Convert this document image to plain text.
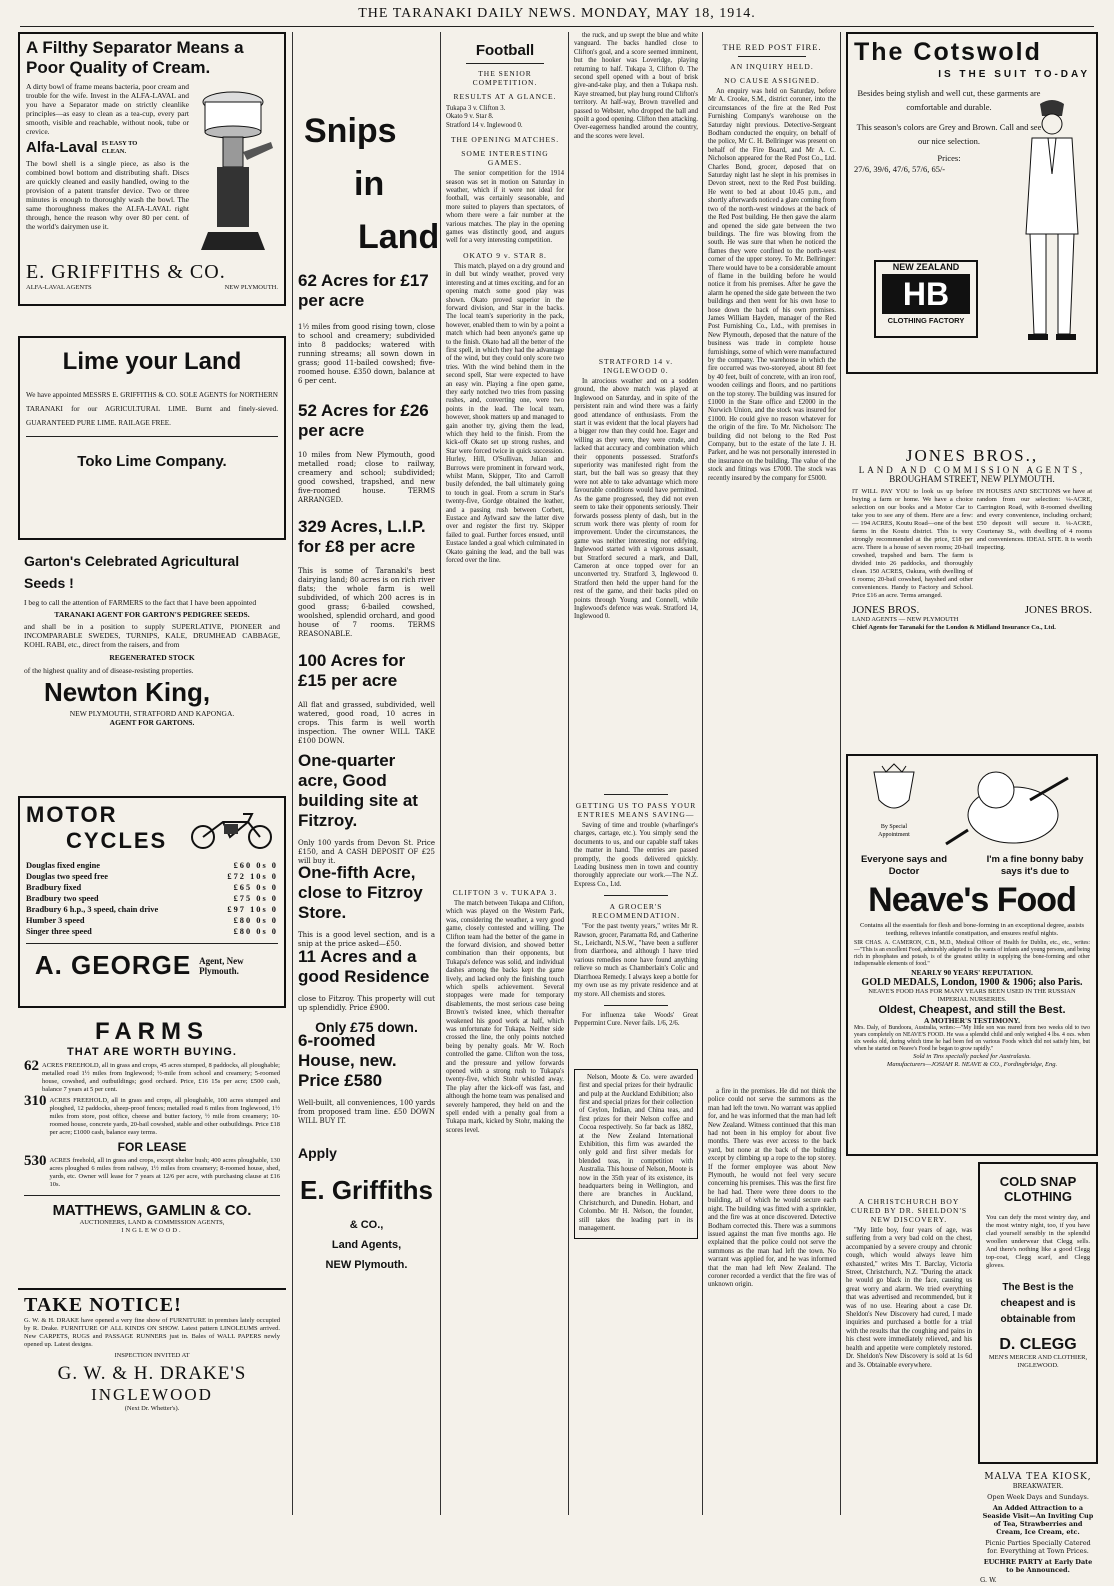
THE TARANAKI DAILY NEWS. MONDAY, MAY 18, 1914.
A Filthy Separator Means a
Poor Quality of Cream.
A dirty bowl of frame means bacteria, poor cream and trouble for the wife. Invest in the ALFA-LAVAL and you have a Separator made on strictly cleanlike principles—as easy to clean as a tea-cup, every part smooth, visible and reachable, without nook, tube or crevice.
Alfa-Laval IS EASY TO CLEAN.
The bowl shell is a single piece, as also is the combined bowl bottom and distributing shaft. Discs are quickly cleaned and easily handled, owing to the provision of a patent transfer device. Two or three minutes is enough to thoroughly wash the bowl. The same thoroughness makes the ALFA-LAVAL right through, hence the reason why over 80 per cent. of the world's dairymen use it.
E. GRIFFITHS & CO.
ALFA-LAVAL AGENTS	NEW PLYMOUTH.
Lime your Land
We have appointed MESSRS E. GRIFFITHS & CO. SOLE AGENTS for NORTHERN TARANAKI for our AGRICULTURAL LIME. Burnt and finely-sieved. GUARANTEED PURE LIME. RAILAGE FREE.
Toko Lime Company.
Garton's Celebrated Agricultural Seeds !
I beg to call the attention of FARMERS to the fact that I have been appointed
TARANAKI AGENT FOR GARTON'S PEDIGREE SEEDS.
and shall be in a position to supply SUPERLATIVE, PIONEER and INCOMPARABLE SWEDES, TURNIPS, KALE, DRUMHEAD CABBAGE, KOHL RABI, etc., direct from the raisers, and from
REGENERATED STOCK
of the highest quality and of disease-resisting properties.
Newton King,
NEW PLYMOUTH, STRATFORD AND KAPONGA.
AGENT FOR GARTONS.
MOTOR
CYCLES
Douglas fixed engine	£60 0s 0
Douglas two speed free	£72 10s 0
Bradbury fixed	£65 0s 0
Bradbury two speed	£75 0s 0
Bradbury 6 h.p., 3 speed, chain drive	£97 10s 0
Humber 3 speed	£80 0s 0
Singer three speed	£80 0s 0
A. GEORGE Agent, New Plymouth.
FARMS
THAT ARE WORTH BUYING.
62 ACRES FREEHOLD, all in grass and crops, 45 acres stumped, 8 paddocks, all ploughable; metalled road 1½ miles from Inglewood; ½-mile from school and creamery; 5-roomed house, cowshed, and outbuildings; good orchard. Price, £16 15s per acre; £500 cash, balance 7 years at 5 per cent.
310 ACRES FREEHOLD, all in grass and crops, all ploughable, 100 acres stumped and ploughed, 12 paddocks, sheep-proof fences; metalled road 6 miles from Inglewood, 1½ miles from store, post office, cheese and butter factory, ½ mile from creamery; 10-roomed house, concrete yards, 20-bail cowshed, stable and other outbuildings. Price £18 per acre; £1000 cash, balance easy terms.
FOR LEASE
530 ACRES freehold, all in grass and crops, except shelter bush; 400 acres ploughable, 130 acres ploughed 6 miles from railway, 1½ miles from creamery; 8-roomed house, shed, yards, etc. Owner will lease for 7 years at 12/6 per acre, with purchasing clause at £16 10s.
MATTHEWS, GAMLIN & CO.
AUCTIONEERS, LAND & COMMISSION AGENTS,
INGLEWOOD.
TAKE NOTICE!
G. W. & H. DRAKE have opened a very fine show of FURNITURE in premises lately occupied by R. Drake. FURNITURE OF ALL KINDS ON SHOW. Latest pattern LINOLEUMS arrived. New CARPETS, RUGS and PASSAGE RUNNERS just in. Bales of WALL PAPERS newly opened up. Latest designs.
INSPECTION INVITED AT
G. W. & H. DRAKE'S
INGLEWOOD
(Next Dr. Whetter's).
Snips
in
Land
62 Acres for £17 per acre
1½ miles from good rising town, close to school and creamery; subdivided into 8 paddocks; watered with running streams; all sown down in grass; good 11-bailed cowshed; five-roomed house. £350 down, balance at 6 per cent.
52 Acres for £26 per acre
10 miles from New Plymouth, good metalled road; close to railway, creamery and school; subdivided; good cowshed, trapshed, and new five-roomed house. TERMS ARRANGED.
329 Acres, L.I.P. for £8 per acre
This is some of Taranaki's best dairying land; 80 acres is on rich river flats; the whole farm is well subdivided, of which 200 acres is in good grass; 6-bailed cowshed, woolshed, splendid orchard, and good house of 7 rooms. TERMS REASONABLE.
100 Acres for £15 per acre
All flat and grassed, subdivided, well watered, good road, 10 acres in crops. This farm is well worth inspection. The owner WILL TAKE £100 DOWN.
One-quarter acre, Good building site at Fitzroy.
Only 100 yards from Devon St. Price £150, and A CASH DEPOSIT OF £25 will buy it.
One-fifth Acre, close to Fitzroy Store.
This is a good level section, and is a snip at the price asked—£50.
11 Acres and a good Residence
close to Fitzroy. This property will cut up splendidly. Price £900.
Only £75 down.
6-roomed House, new. Price £580
Well-built, all conveniences, 100 yards from proposed tram line. £50 DOWN WILL BUY IT.
Apply
E. Griffiths
& CO.,
Land Agents,
NEW Plymouth.
Football
THE SENIOR COMPETITION.
RESULTS AT A GLANCE.
Tukapa 3 v. Clifton 3.
Okato 9 v. Star 8.
Stratford 14 v. Inglewood 0.
THE OPENING MATCHES.
SOME INTERESTING GAMES.

The senior competition for the 1914 season was set in motion on Saturday in weather, which if it were not ideal for football, was certainly seasonable, and more suited to players than spectators, of whom there were a fair number at the various matches. The play in the opening games was distinctly good, and augurs well for a very interesting competition.

OKATO 9 v. STAR 8.

This match, played on a dry ground and in dull but windy weather, proved very interesting and at times exciting, and for an opening match some good play was shown. Okato proved superior in the forward division, and Star in the backs. The local team's superiority in the pack, however, enabled them to win by a point a match which had been anyone's game up to the finish. Okato had all the better of the first spell, in which they had the advantage of the wind, but they could only score two tries. With the wind behind them in the second spell, Star were expected to have an easy win. Playing a fine open game, they early notched two tries from passing rushes, and, converting one, were two points in the lead. The local team, however, shook matters up and managed to gain another try, giving them the lead, which they held to the finish. From the kick-off Okato set up strong rushes, and Star were forced twice in quick succession. Hurley, Hill, O'Sullivan, Julian and Burrows were prominent in forward work, whilst Mann, Skipper, Tito and Carroll busily defended, the ball ultimately going to touch in goal. From a scrum in Star's twenty-five, Gordge obtained the leather, and a passing rush between Corbett, Eustace and Aylward saw the latter dive over and register the first try. Skipper failed to goal. Further forces ensued, until Eustace landed a goal which culminated in Okato gaining the lead, and the ball was forced over the line.

CLIFTON 3 v. TUKAPA 3.

The match between Tukapa and Clifton, which was played on the Western Park, was, considering the weather, a very good game, closely contested and willing. The Clifton team had the better of the game in the forward division, and showed better combination than their opponents, but Tukapa's defence was solid, and individual dashes among the backs kept the game lively, and lacked only the finishing touch which spells achievement. Several stoppages were made for temporary disablements, the most serious case being Brown's twisted knee, which thereafter weakened his good work at half, which was unfortunate for Tukapa. Neither side crossed the line, the only points notched being by penalty goals. Mr W. Roch controlled the game. Clifton won the toss, and the pressure and yellow forwards opened with a strong rush to Tukapa's twenty-five, which Stohr whistled away. The play after the kick-off was fast, and although the home team was penalised and severely hampered, they held on and the spell ended with a penalty goal from a Tukapa mark, kicked by Stohr, making the scores level.

the ruck, and up swept the blue and white vanguard. The backs handled close to Clifton's goal, and a score seemed imminent, but the hooker was Loveridge, playing returning to half. Tukapa 3, Clifton 0. The second spell opened with a bout of brisk give-and-take play, and then a Tukapa rush. Kaye streamed, but play hung round Clifton's territory. At half-way, Brown travelled and passed to Webster, who dropped the ball and spoilt a good opening. Clifton then attacking. Over-eagerness handled around the country, and the scores were level.

STRATFORD 14 v. INGLEWOOD 0.

In atrocious weather and on a sodden ground, the above match was played at Inglewood on Saturday, and in spite of the persistent rain and wind there was a fairly good attendance of enthusiasts. From the start it was evident that the local players had a bigger row than they could hoe. Eager and willing as they were, they were crude, and lacked that accuracy and combination which their opponents possessed. Stratford's superiority was manifested right from the start, but the ball was so greasy that they were not able to take advantage which more favourable conditions would have permitted. As the game progressed, they did not even seem to take their opponents seriously. Their forwards possess plenty of dash, but in the scrum work there was plenty of room for improvement. Under the circumstances, the game was neither interesting nor edifying. Inglewood started with a vigorous assault, but Stratford secured a mark, and Dall, Cameron at once topped over for an unconverted try. Stratford 3, Inglewood 0. Stratford then held the upper hand for the rest of the game, and their backs piled on points through Young and Connell, while Inglewood's defence was weak. Stratford 14, Inglewood 0.

GETTING US TO PASS YOUR ENTRIES MEANS SAVING—

Saving of time and trouble (wharfinger's charges, cartage, etc.). You simply send the documents to us, and our capable staff takes the matter in hand. The entries are passed promptly, the goods delivered quickly. Leading business men in town and country thoroughly appreciate our work.—The N.Z. Express Co., Ltd.

A GROCER'S RECOMMENDATION.

"For the past twenty years," writes Mr R. Rawson, grocer, Paramatta Rd, and Catherine St., Leichardt, N.S.W., "have been a sufferer from diarrhoea, and although I have tried various remedies none have found anything relieve so much as Chamberlain's Colic and Diarrhoea Remedy. I always keep a bottle for my own use as my private residence and at my store. All chemists and stores.

For influenza take Woods' Great Peppermint Cure. Never fails. 1/6, 2/6.

Nelson, Moote & Co. were awarded first and special prizes for their hydraulic and pulp at the Auckland Exhibition; also first and special prizes for their collection of Ceylon, Indian, and China teas, and first prizes for their Nelson coffee and Cocoa respectively. So far back as 1882, at the New Zealand International Exhibition, this firm was awarded the only gold and first silver medals for blended teas, in competition with Australia. This house of Nelson, Moote is now in the 35th year of its existence, its headquarters being in Wellington, and there are branches in Auckland, Christchurch, and Dunedin. Hobart, and Colombo. Mr H. Nelson, the founder, still takes the leading part in its management.

THE RED POST FIRE.
AN INQUIRY HELD.
NO CAUSE ASSIGNED.

An enquiry was held on Saturday, before Mr A. Crooke, S.M., district coroner, into the circumstances of the fire at the Red Post Furnishing Company's warehouse on the Saturday night previous. Detective-Sergeant Bodham conducted the enquiry, on behalf of the police, Mr C. H. Bellringer was present on behalf of the Fire Board, and Mr A. C. Nicholson appeared for the Red Post Co., Ltd. Charles Bond, grocer, deposed that on Saturday night last he slept in his premises in Devon street, next to the Red Post building. He went to bed at about 10.45 p.m., and shortly afterwards noticed a glare coming from two of the north-west windows at the back of the Red Post building. He then gave the alarm and opened the side gate between the two buildings. The fire was blowing from the south. He was sure that when he noticed the flames they were confined to the north-west corner of the upper storey. To Mr. Bellringer: There would have to be a considerable amount of flame in the building before he would notice it from his premises. After he gave the alarm he opened the side gate between the two buildings and then went for his own hose to hose down the back of his own premises. James William Hayden, manager of the Red Post Furnishing Co., Ltd., with premises in New Plymouth, deposed that the nature of the business was trade in complete house furnishings, some of which were manufactured by the company. The warehouse in which the fire occurred was two-storeyed, about 80 feet by 40 feet, built of concrete, with an iron roof, wooden ceilings and floors, and no partitions on the top storey. The building was insured for £1000 in the State office and £2000 in the Norwich Union, and the stock was insured for £1000. He could give no reason whatever for the origin of the fire. To Mr. Nicholson: The building did not belong to the Red Post Company, but to the estate of the late J. H. Parker, and he was not personally interested in the insurance on the building. The value of the stock and fittings was £7000. The stock was recently insured by the company for £5000.

a fire in the premises. He did not think the police could not serve the summons as the man had left the town. No warrant was applied for, and he was informed that the man had left New Zealand. Witness continued that this man had not been in his employ for about five months. There was ever access to the back yard, but none at the back of the building except by climbing up a rope to the top storey. If the former employee was about New Plymouth, he would not feel very secure concerning his premises. This was the first fire he had had. There were three doors to the building, all of which he would secure each night. The building was fitted with a sprinkler, and the fire was at once discovered. Detective Bodham corrected this. There was a summons issued against the man five months ago. He explained that the police could not serve the summons as the man had left the town. No warrant was applied for, and he was informed that the man had left New Zealand. The coroner recorded a verdict that the fire was of unknown origin.

The Cotswold
IS THE SUIT TO-DAY
Besides being stylish and well cut, these garments are comfortable and durable.
This season's colors are Grey and Brown. Call and see our nice selection.
Prices:
27/6, 39/6, 47/6, 57/6, 65/-
NEW ZEALAND
HB
CLOTHING FACTORY
JONES BROS.,
LAND AND COMMISSION AGENTS,
BROUGHAM STREET, NEW PLYMOUTH.
IT WILL PAY YOU to look us up before buying a farm or home. We have a choice selection on our books and a Motor Car to take you to see any of them. Here are a few:— 194 ACRES, Koutu Road—one of the best farms in the Koutu district. This is very strongly recommended at the price, £18 per acre. There is a house of seven rooms; 20-bail cowshed, trapshed and barn. The farm is divided into 26 paddocks, and thoroughly clean. 150 ACRES, Oakura, with dwelling of 6 rooms; 20-bail cowshed, hayshed and other conveniences. Handy to Factory and School. Price £16 an acre. Terms arranged.
IN HOUSES AND SECTIONS we have at random from our selection: ¼-ACRE, Carrington Road, with 8-roomed dwelling and every convenience, including orchard; £50 deposit will secure it. ¼-ACRE, Courtenay St., with dwelling of 4 rooms and conveniences. IDEAL SITE. It is worth inspecting.
JONES BROS.	JONES BROS.
LAND AGENTS — NEW PLYMOUTH
Chief Agents for Taranaki for the London & Midland Insurance Co., Ltd.
By Special
Appointment
Everyone says and Doctor
I'm a fine bonny baby says it's due to
Neave's Food
Contains all the essentials for flesh and bone-forming in an exceptional degree, assists teething, relieves infantile constipation, and ensures restful nights.
SIR CHAS. A. CAMERON, C.B., M.D., Medical Officer of Health for Dublin, etc., etc., writes:—"This is an excellent Food, admirably adapted to the wants of infants and young persons, and being rich in phosphates and potash, is of the greatest utility in supplying the bone-forming and other indispensable elements of food."
NEARLY 90 YEARS' REPUTATION.
GOLD MEDALS, London, 1900 & 1906; also Paris.
NEAVE'S FOOD HAS FOR MANY YEARS BEEN USED IN THE RUSSIAN IMPERIAL NURSERIES.
Oldest, Cheapest, and still the Best.
A MOTHER'S TESTIMONY.
Mrs. Daly, of Bundoora, Australia, writes:—"My little son was reared from two weeks old to two years completely on NEAVE'S FOOD. He was a splendid child and only weighed 4 lbs. 4 ozs. when six weeks old, during which time he had been fed on various Foods which did not satisfy him, but when he started on Neave's Food he began to grow rapidly."
Sold in Tins specially packed for Australasia.
Manufacturers—JOSIAH R. NEAVE & CO., Fordingbridge, Eng.
A CHRISTCHURCH BOY CURED BY DR. SHELDON'S NEW DISCOVERY.

"My little boy, four years of age, was suffering from a very bad cold on the chest, accompanied by a severe croupy and chronic cough, which would always leave him exhausted," writes Mrs T. Barclay, Victoria Street, Christchurch, N.Z. "During the attack he would go black in the face, causing us great worry and alarm. We tried everything that was advertised and recommended, but it was of no use. Hearing about a case Dr. Sheldon's New Discovery had cured, I made inquiries and purchased a bottle for a trial with the results that the coughing and pains in his chest were immediately relieved, and his health and appetite were completely restored. Dr. Sheldon's New Discovery is sold at 1s 6d and 3s. Obtainable everywhere.

COLD SNAP
CLOTHING
You can defy the most wintry day, and the most wintry night, too, if you have clad yourself sensibly in the splendid woollen underwear that Clegg sells. And there's nothing like a good Clegg top-coat, Clegg scarf, and Clegg gloves.
The Best is the
cheapest and is
obtainable from
D. CLEGG
MEN'S MERCER AND CLOTHIER, INGLEWOOD.
MALVA TEA KIOSK,
BREAKWATER.
Open Week Days and Sundays.
An Added Attraction to a Seaside Visit—An Inviting Cup of Tea, Strawberries and Cream, Ice Cream, etc.
Picnic Parties Specially Catered for. Everything at Town Prices.
EUCHRE PARTY at Early Date to be Announced.
G. W.
